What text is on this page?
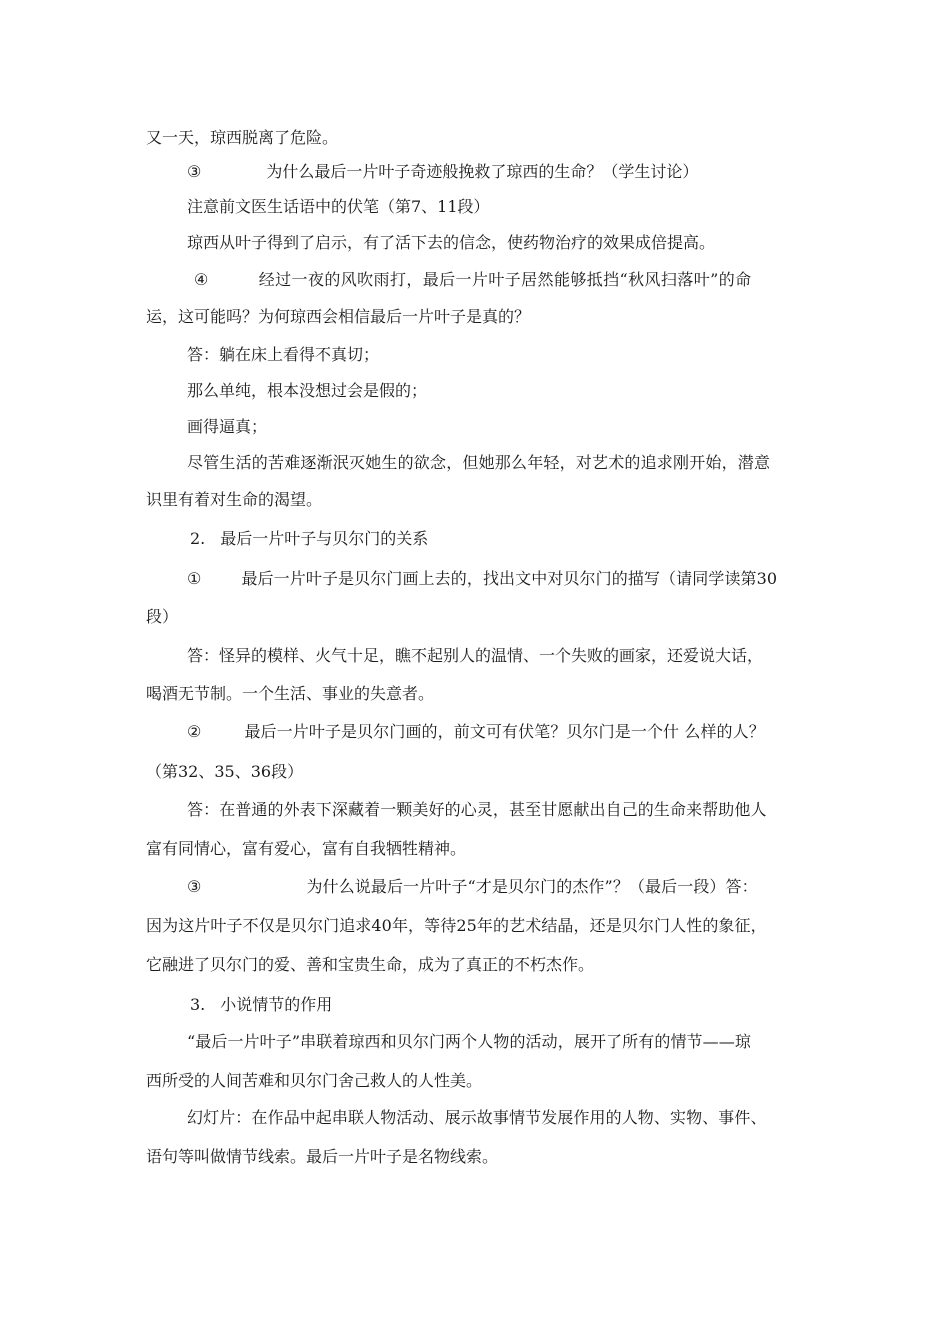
又一天，琼西脱离了危险。
③	为什么最后一片叶子奇迹般挽救了琼西的生命？（学生讨论）
注意前文医生话语中的伏笔（第7、11段）
琼西从叶子得到了启示，有了活下去的信念，使药物治疗的效果成倍提高。
④	经过一夜的风吹雨打，最后一片叶子居然能够抵挡“秋风扫落叶”的命
运，这可能吗？为何琼西会相信最后一片叶子是真的？
答：躺在床上看得不真切；
那么单纯，根本没想过会是假的；
画得逼真；
尽管生活的苦难逐渐泯灭她生的欲念，但她那么年轻，对艺术的追求刚开始，潜意
识里有着对生命的渴望。
2. 最后一片叶子与贝尔门的关系
①	最后一片叶子是贝尔门画上去的，找出文中对贝尔门的描写（请同学读第30
段）
答：怪异的模样、火气十足，瞧不起别人的温情、一个失败的画家，还爱说大话，
喝酒无节制。一个生活、事业的失意者。
②	最后一片叶子是贝尔门画的，前文可有伏笔？贝尔门是一个什 么样的人？
（第32、35、36段）
答：在普通的外表下深藏着一颗美好的心灵，甚至甘愿献出自己的生命来帮助他人
富有同情心，富有爱心，富有自我牺牲精神。
③	为什么说最后一片叶子“才是贝尔门的杰作”？（最后一段）答：
因为这片叶子不仅是贝尔门追求40年，等待25年的艺术结晶，还是贝尔门人性的象征，
它融进了贝尔门的爱、善和宝贵生命，成为了真正的不朽杰作。
3. 小说情节的作用
“最后一片叶子”串联着琼西和贝尔门两个人物的活动，展开了所有的情节——琼
西所受的人间苦难和贝尔门舍己救人的人性美。
幻灯片：在作品中起串联人物活动、展示故事情节发展作用的人物、实物、事件、
语句等叫做情节线索。最后一片叶子是名物线索。
